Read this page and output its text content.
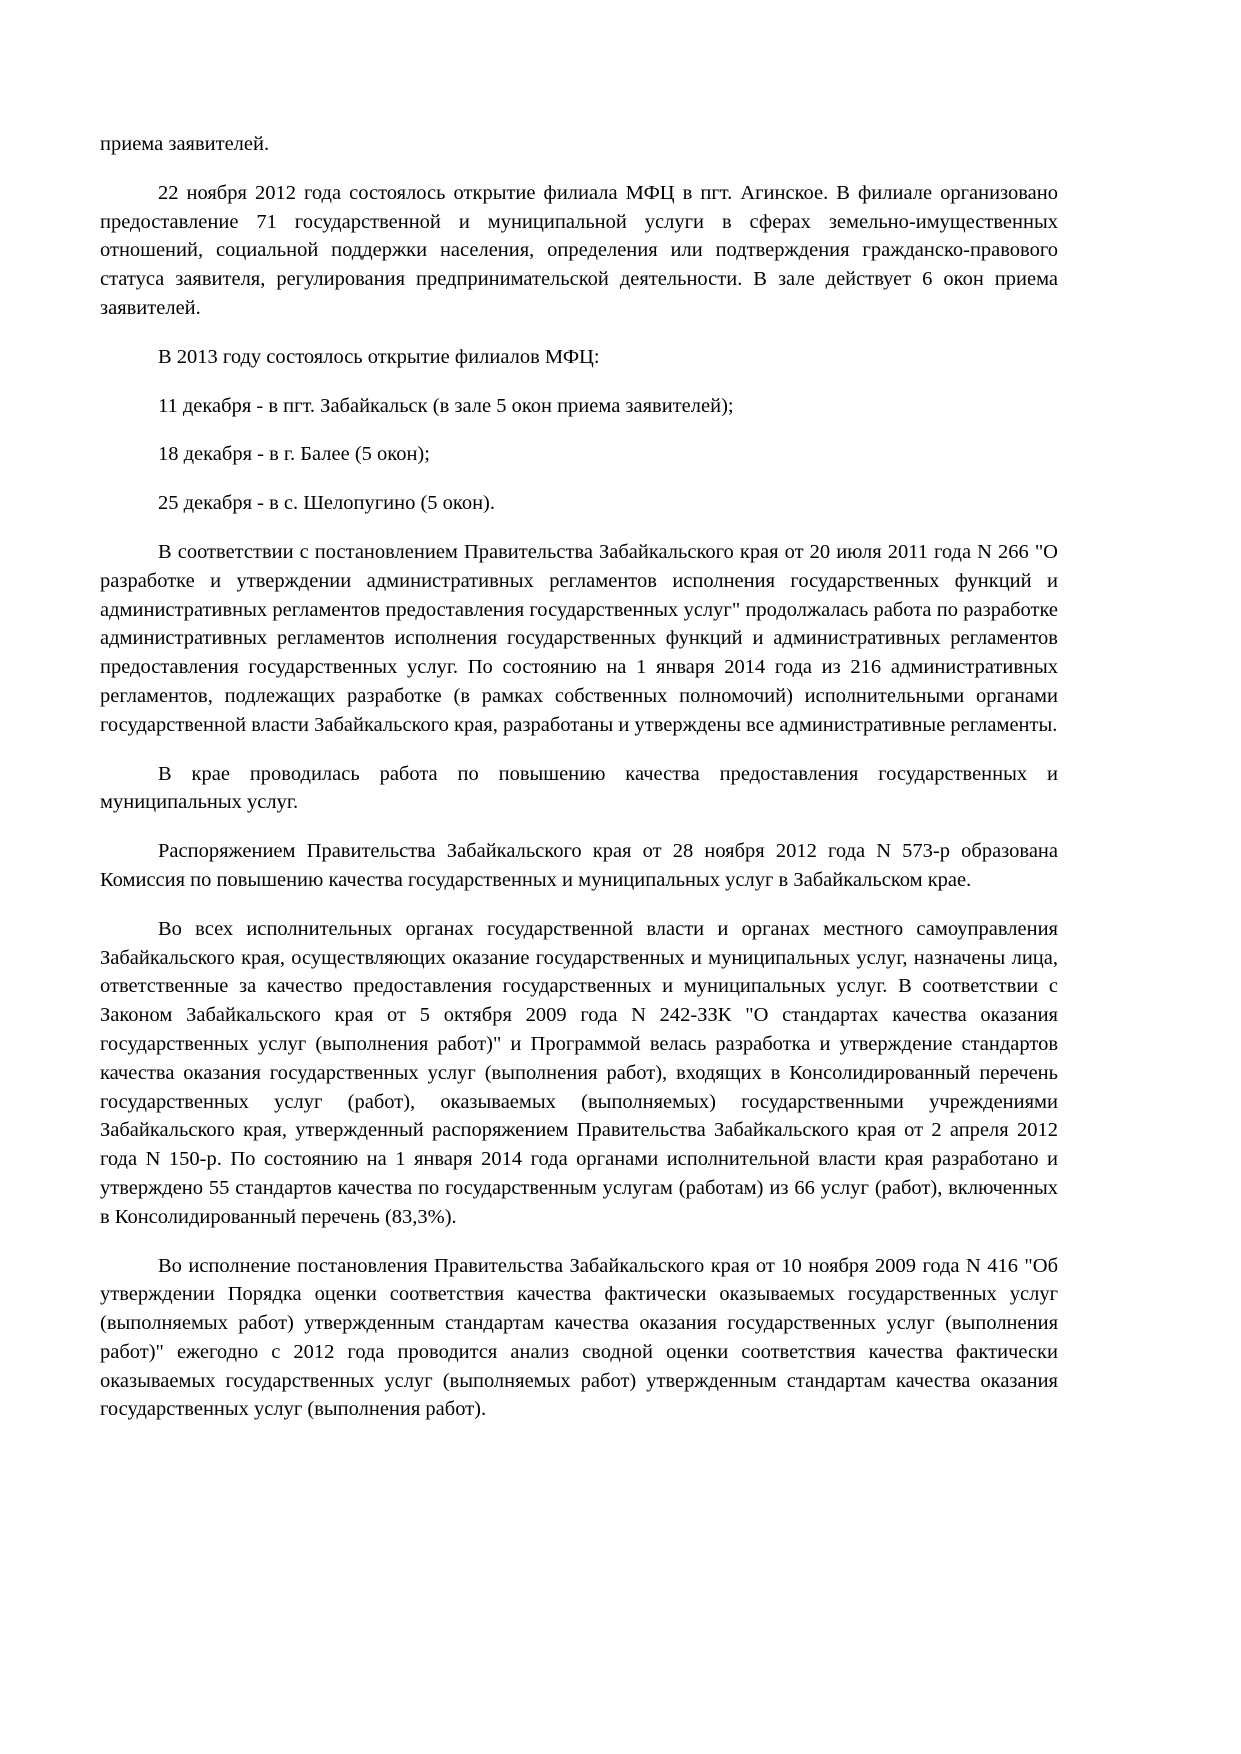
приема заявителей.

22 ноября 2012 года состоялось открытие филиала МФЦ в пгт. Агинское. В филиале организовано предоставление 71 государственной и муниципальной услуги в сферах земельно-имущественных отношений, социальной поддержки населения, определения или подтверждения гражданско-правового статуса заявителя, регулирования предпринимательской деятельности. В зале действует 6 окон приема заявителей.

В 2013 году состоялось открытие филиалов МФЦ:

11 декабря - в пгт. Забайкальск (в зале 5 окон приема заявителей);

18 декабря - в г. Балее (5 окон);

25 декабря - в с. Шелопугино (5 окон).

В соответствии с постановлением Правительства Забайкальского края от 20 июля 2011 года N 266 "О разработке и утверждении административных регламентов исполнения государственных функций и административных регламентов предоставления государственных услуг" продолжалась работа по разработке административных регламентов исполнения государственных функций и административных регламентов предоставления государственных услуг. По состоянию на 1 января 2014 года из 216 административных регламентов, подлежащих разработке (в рамках собственных полномочий) исполнительными органами государственной власти Забайкальского края, разработаны и утверждены все административные регламенты.

В крае проводилась работа по повышению качества предоставления государственных и муниципальных услуг.

Распоряжением Правительства Забайкальского края от 28 ноября 2012 года N 573-р образована Комиссия по повышению качества государственных и муниципальных услуг в Забайкальском крае.

Во всех исполнительных органах государственной власти и органах местного самоуправления Забайкальского края, осуществляющих оказание государственных и муниципальных услуг, назначены лица, ответственные за качество предоставления государственных и муниципальных услуг. В соответствии с Законом Забайкальского края от 5 октября 2009 года N 242-ЗЗК "О стандартах качества оказания государственных услуг (выполнения работ)" и Программой велась разработка и утверждение стандартов качества оказания государственных услуг (выполнения работ), входящих в Консолидированный перечень государственных услуг (работ), оказываемых (выполняемых) государственными учреждениями Забайкальского края, утвержденный распоряжением Правительства Забайкальского края от 2 апреля 2012 года N 150-р. По состоянию на 1 января 2014 года органами исполнительной власти края разработано и утверждено 55 стандартов качества по государственным услугам (работам) из 66 услуг (работ), включенных в Консолидированный перечень (83,3%).

Во исполнение постановления Правительства Забайкальского края от 10 ноября 2009 года N 416 "Об утверждении Порядка оценки соответствия качества фактически оказываемых государственных услуг (выполняемых работ) утвержденным стандартам качества оказания государственных услуг (выполнения работ)" ежегодно с 2012 года проводится анализ сводной оценки соответствия качества фактически оказываемых государственных услуг (выполняемых работ) утвержденным стандартам качества оказания государственных услуг (выполнения работ).
